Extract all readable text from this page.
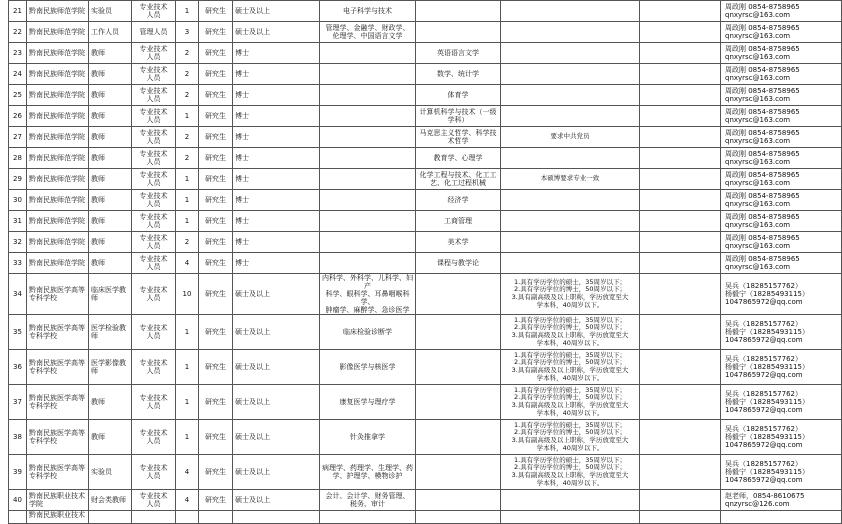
21	黔南民族师范学院	实验员	专业技术
人员	1	研究生	硕士及以上	电子科学与技术				周政刚 0854-8758965
qnxyrsc@163.com
22	黔南民族师范学院	工作人员	管理人员	3	研究生	硕士及以上	管理学、金融学、财政学、
伦理学、中国语言文学				周政刚 0854-8758965
qnxyrsc@163.com
23	黔南民族师范学院	教师	专业技术
人员	2	研究生	博士		英语语言文学			周政刚 0854-8758965
qnxyrsc@163.com
24	黔南民族师范学院	教师	专业技术
人员	2	研究生	博士		数学、统计学			周政刚 0854-8758965
qnxyrsc@163.com
25	黔南民族师范学院	教师	专业技术
人员	2	研究生	博士		体育学			周政刚 0854-8758965
qnxyrsc@163.com
26	黔南民族师范学院	教师	专业技术
人员	1	研究生	博士		计算机科学与技术（一级
学科）			周政刚 0854-8758965
qnxyrsc@163.com
27	黔南民族师范学院	教师	专业技术
人员	2	研究生	博士		马克思主义哲学、科学技
术哲学	要求中共党员		周政刚 0854-8758965
qnxyrsc@163.com
28	黔南民族师范学院	教师	专业技术
人员	2	研究生	博士		教育学、心理学			周政刚 0854-8758965
qnxyrsc@163.com
29	黔南民族师范学院	教师	专业技术
人员	1	研究生	博士		化学工程与技术、化工工
艺、化工过程机械	本硕博要求专业一致		周政刚 0854-8758965
qnxyrsc@163.com
30	黔南民族师范学院	教师	专业技术
人员	1	研究生	博士		经济学			周政刚 0854-8758965
qnxyrsc@163.com
31	黔南民族师范学院	教师	专业技术
人员	1	研究生	博士		工商管理			周政刚 0854-8758965
qnxyrsc@163.com
32	黔南民族师范学院	教师	专业技术
人员	2	研究生	博士		美术学			周政刚 0854-8758965
qnxyrsc@163.com
33	黔南民族师范学院	教师	专业技术
人员	4	研究生	博士		课程与教学论			周政刚 0854-8758965
qnxyrsc@163.com
34	黔南民族医学高等
专科学校	临床医学教
师	专业技术
人员	10	研究生	硕士及以上	内科学、外科学、儿科学、妇产
科学、眼科学、耳鼻咽喉科学、
肿瘤学、麻醉学、急诊医学		1.具有学历学位的硕士，35周岁以下；
2.具有学历学位的博士，50周岁以下；
3.具有副高级及以上职称，学历放宽至大
学本科，40周岁以下。		吴兵（18285157762）
杨毅宁（18285493115）
1047865972@qq.com
35	黔南民族医学高等
专科学校	医学检验教
师	专业技术
人员	1	研究生	硕士及以上	临床检验诊断学		1.具有学历学位的硕士，35周岁以下；
2.具有学历学位的博士，50周岁以下；
3.具有副高级及以上职称，学历放宽至大
学本科，40周岁以下。		吴兵（18285157762）
杨毅宁（18285493115）
1047865972@qq.com
36	黔南民族医学高等
专科学校	医学影像教
师	专业技术
人员	1	研究生	硕士及以上	影像医学与核医学		1.具有学历学位的硕士，35周岁以下；
2.具有学历学位的博士，50周岁以下；
3.具有副高级及以上职称，学历放宽至大
学本科，40周岁以下。		吴兵（18285157762）
杨毅宁（18285493115）
1047865972@qq.com
37	黔南民族医学高等
专科学校	教师	专业技术
人员	1	研究生	硕士及以上	康复医学与理疗学		1.具有学历学位的硕士，35周岁以下；
2.具有学历学位的博士，50周岁以下；
3.具有副高级及以上职称，学历放宽至大
学本科，40周岁以下。		吴兵（18285157762）
杨毅宁（18285493115）
1047865972@qq.com
38	黔南民族医学高等
专科学校	教师	专业技术
人员	1	研究生	硕士及以上	针灸推拿学		1.具有学历学位的硕士，35周岁以下；
2.具有学历学位的博士，50周岁以下；
3.具有副高级及以上职称，学历放宽至大
学本科，40周岁以下。		吴兵（18285157762）
杨毅宁（18285493115）
1047865972@qq.com
39	黔南民族医学高等
专科学校	实验员	专业技术
人员	4	研究生	硕士及以上	病理学、药理学、生理学、药
学、护理学、模物诊护		1.具有学历学位的硕士，35周岁以下；
2.具有学历学位的博士，50周岁以下；
3.具有副高级及以上职称，学历放宽至大
学本科，40周岁以下。		吴兵（18285157762）
杨毅宁（18285493115）
1047865972@qq.com
40	黔南民族职业技术
学院	财会类教师	专业技术
人员	4	研究生	硕士及以上	会计、会计学、财务管理、
税务、审计				赵老师，0854-8610675
qnzyrsc@126.com
	黔南民族职业技术										
